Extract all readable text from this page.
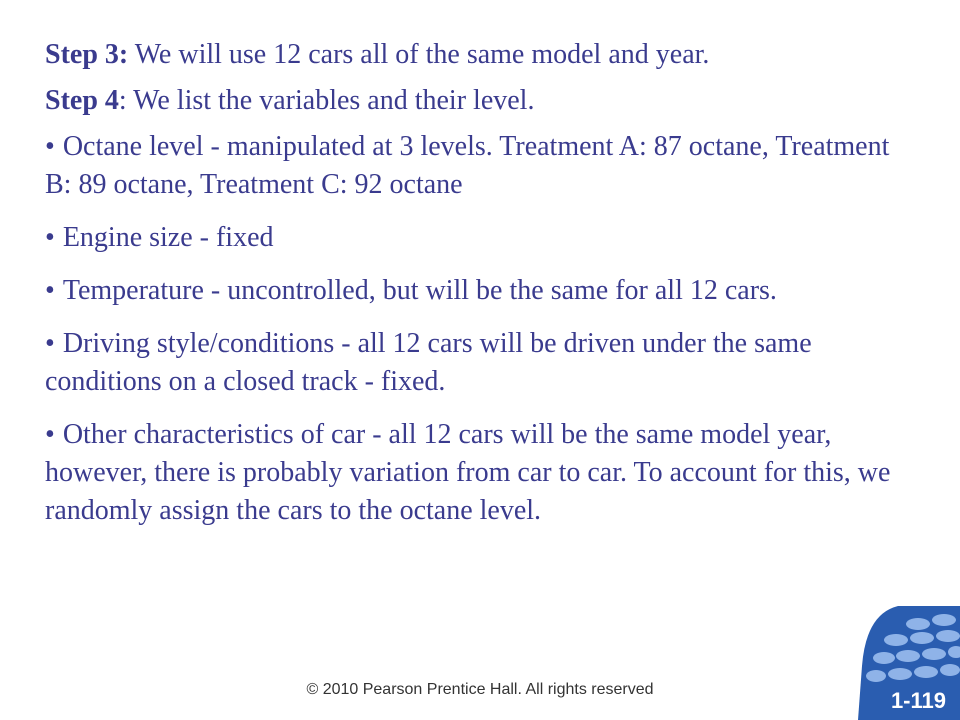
Step 3: We will use 12 cars all of the same model and year.
Step 4: We list the variables and their level.
• Octane level - manipulated at 3 levels. Treatment A: 87 octane, Treatment B: 89 octane, Treatment C: 92 octane
• Engine size - fixed
• Temperature - uncontrolled, but will be the same for all 12 cars.
• Driving style/conditions - all 12 cars will be driven under the same conditions on a closed track - fixed.
• Other characteristics of car - all 12 cars will be the same model year, however, there is probably variation from car to car. To account for this, we randomly assign the cars to the octane level.
© 2010 Pearson Prentice Hall. All rights reserved	1-119
